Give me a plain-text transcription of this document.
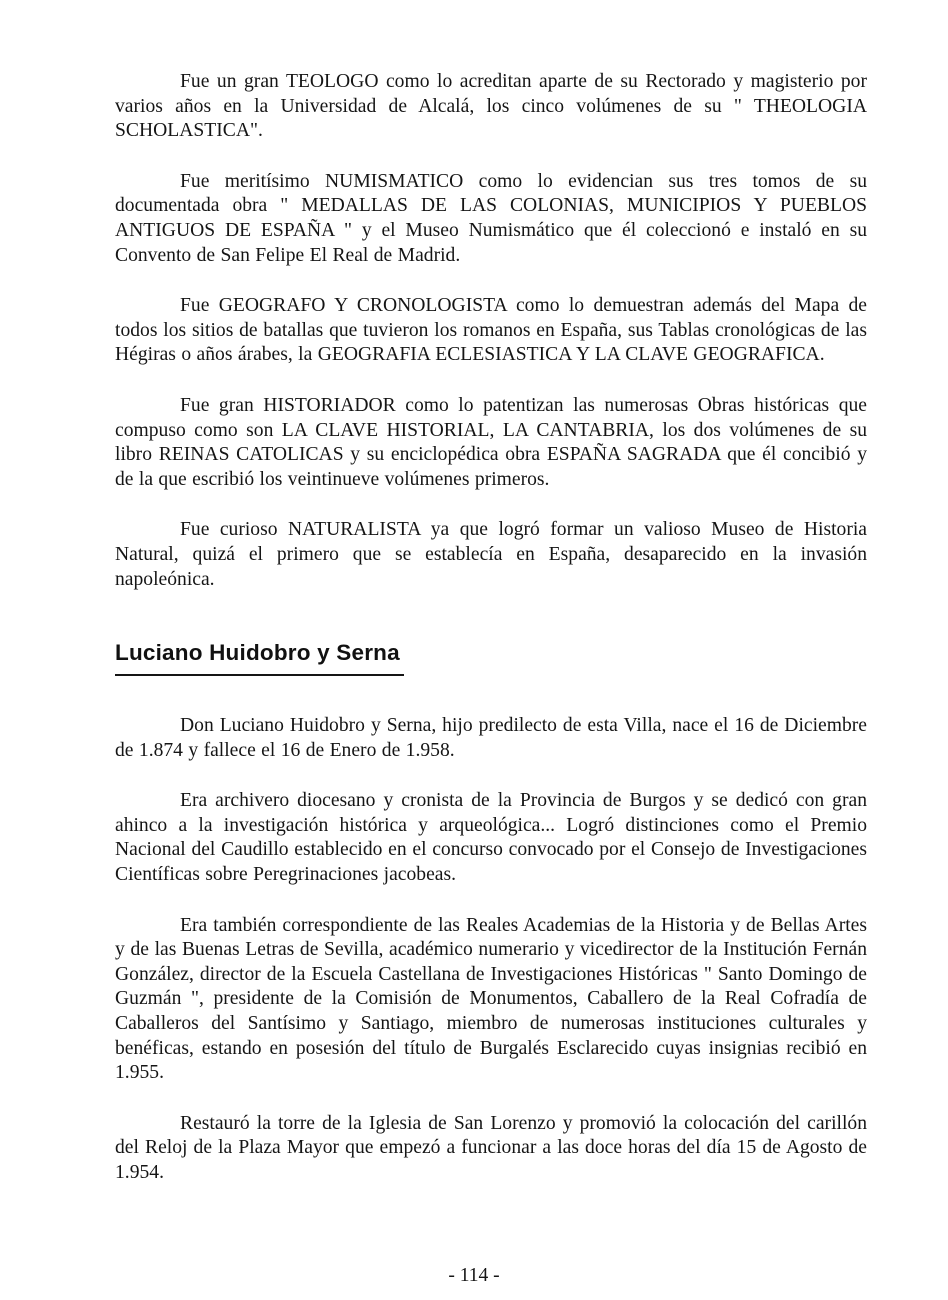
Fue un gran TEOLOGO como lo acreditan aparte de su Rectorado y magisterio por varios años en la Universidad de Alcalá, los cinco volúmenes de su " THEOLOGIA SCHOLASTICA".

Fue meritísimo NUMISMATICO como lo evidencian sus tres tomos de su documentada obra " MEDALLAS DE LAS COLONIAS, MUNICIPIOS Y PUEBLOS ANTIGUOS DE ESPAÑA " y el Museo Numismático que él coleccionó e instaló en su Convento de San Felipe El Real de Madrid.

Fue GEOGRAFO Y CRONOLOGISTA como lo demuestran además del Mapa de todos los sitios de batallas que tuvieron los romanos en España, sus Tablas cronológicas de las Hégiras o años árabes, la GEOGRAFIA ECLESIASTICA Y LA CLAVE GEOGRAFICA.

Fue gran HISTORIADOR como lo patentizan las numerosas Obras históricas que compuso como son LA CLAVE HISTORIAL, LA CANTABRIA, los dos volúmenes de su libro REINAS CATOLICAS y su enciclopédica obra ESPAÑA SAGRADA que él concibió y de la que escribió los veintinueve volúmenes primeros.

Fue curioso NATURALISTA ya que logró formar un valioso Museo de Historia Natural, quizá el primero que se establecía en España, desaparecido en la invasión napoleónica.

Luciano Huidobro y Serna

Don Luciano Huidobro y Serna, hijo predilecto de esta Villa, nace el 16 de Diciembre de 1.874 y fallece el 16 de Enero de 1.958.

Era archivero diocesano y cronista de la Provincia de Burgos y se dedicó con gran ahinco a la investigación histórica y arqueológica... Logró distinciones como el Premio Nacional del Caudillo establecido en el concurso convocado por el Consejo de Investigaciones Científicas sobre Peregrinaciones jacobeas.

Era también correspondiente de las Reales Academias de la Historia y de Bellas Artes y de las Buenas Letras de Sevilla, académico numerario y vicedirector de la Institución Fernán González, director de la Escuela Castellana de Investigaciones Históricas " Santo Domingo de Guzmán ", presidente de la Comisión de Monumentos, Caballero de la Real Cofradía de Caballeros del Santísimo y Santiago, miembro de numerosas instituciones culturales y benéficas, estando en posesión del título de Burgalés Esclarecido cuyas insignias recibió en 1.955.

Restauró la torre de la Iglesia de San Lorenzo y promovió la colocación del carillón del Reloj de la Plaza Mayor que empezó a funcionar a las doce horas del día 15 de Agosto de 1.954.

- 114 -
